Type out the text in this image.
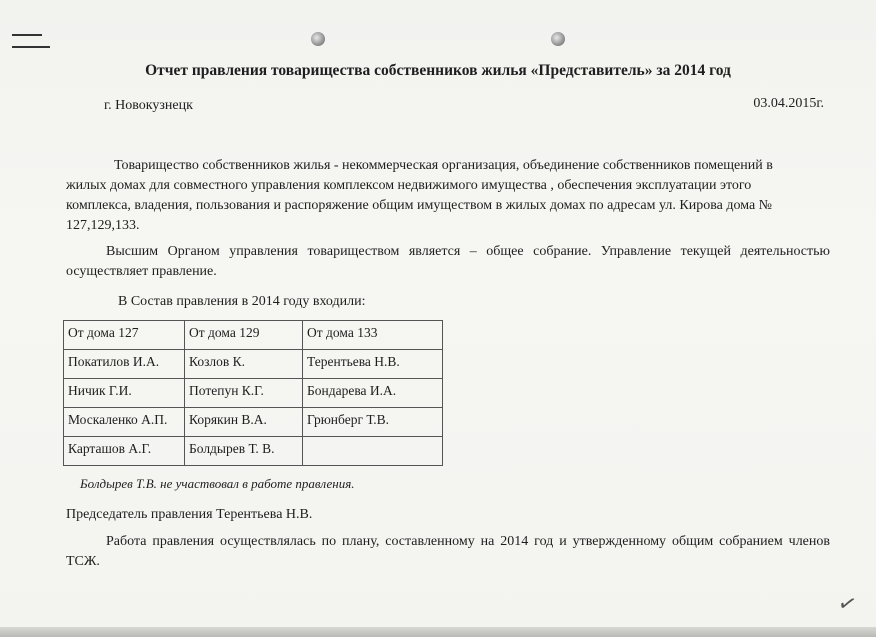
Отчет правления товарищества собственников жилья «Представитель» за 2014 год
г. Новокузнецк	03.04.2015г.

Товарищество собственников жилья - некоммерческая организация, объединение собственников помещений в жилых домах для совместного управления комплексом недвижимого имущества , обеспечения эксплуатации этого комплекса, владения, пользования и распоряжение общим имуществом в жилых домах по адресам ул. Кирова дома № 127,129,133.

Высшим Органом управления товариществом является – общее собрание. Управление текущей деятельностью осуществляет правление.

В Состав правления в 2014 году входили:
От дома 127	От дома 129	От дома 133
Покатилов И.А.	Козлов К.	Терентьева Н.В.
Ничик Г.И.	Потепун К.Г.	Бондарева И.А.
Москаленко А.П.	Корякин В.А.	Грюнберг Т.В.
Карташов А.Г.	Болдырев Т. В.	
Болдырев Т.В. не участвовал в работе правления.
Председатель правления Терентьева Н.В.

Работа правления осуществлялась по плану, составленному на 2014 год и утвержденному общим собранием членов ТСЖ.

✓
